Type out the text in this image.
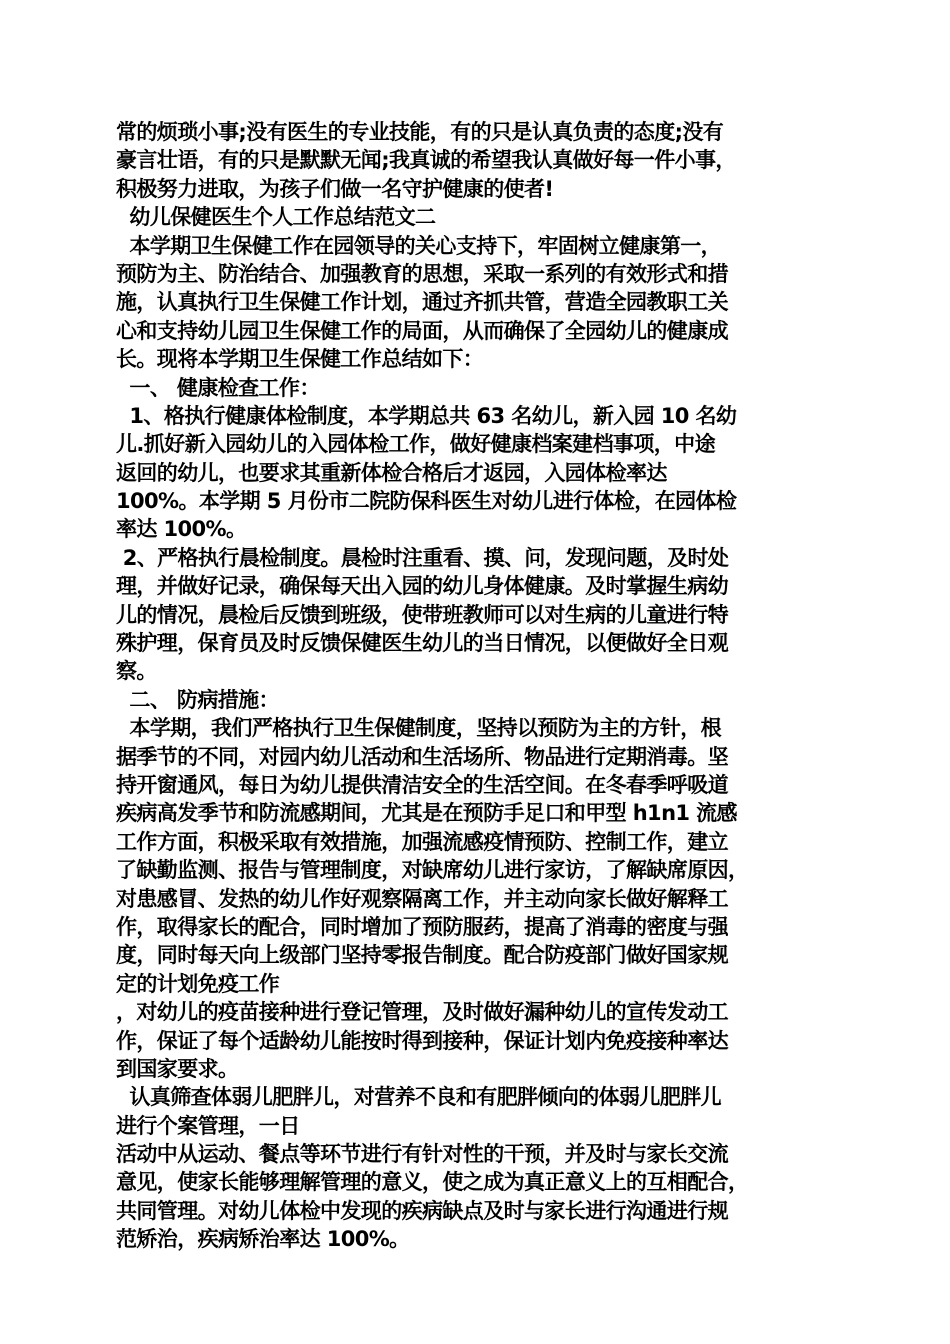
常的烦琐小事;没有医生的专业技能，有的只是认真负责的态度;没有
豪言壮语，有的只是默默无闻;我真诚的希望我认真做好每一件小事，
积极努力进取，为孩子们做一名守护健康的使者!
幼儿保健医生个人工作总结范文二
本学期卫生保健工作在园领导的关心支持下，牢固树立健康第一，
预防为主、防治结合、加强教育的思想，采取一系列的有效形式和措
施，认真执行卫生保健工作计划，通过齐抓共管，营造全园教职工关
心和支持幼儿园卫生保健工作的局面，从而确保了全园幼儿的健康成
长。现将本学期卫生保健工作总结如下：
一、 健康检查工作：
1、格执行健康体检制度，本学期总共 63 名幼儿，新入园 10 名幼
儿.抓好新入园幼儿的入园体检工作，做好健康档案建档事项，中途
返回的幼儿，也要求其重新体检合格后才返园，入园体检率达
100%。本学期 5 月份市二院防保科医生对幼儿进行体检，在园体检
率达 100%。
2、严格执行晨检制度。晨检时注重看、摸、问，发现问题，及时处
理，并做好记录，确保每天出入园的幼儿身体健康。及时掌握生病幼
儿的情况，晨检后反馈到班级，使带班教师可以对生病的儿童进行特
殊护理，保育员及时反馈保健医生幼儿的当日情况，以便做好全日观
察。
二、 防病措施：
本学期，我们严格执行卫生保健制度，坚持以预防为主的方针，根
据季节的不同，对园内幼儿活动和生活场所、物品进行定期消毒。坚
持开窗通风，每日为幼儿提供清洁安全的生活空间。在冬春季呼吸道
疾病高发季节和防流感期间，尤其是在预防手足口和甲型 h1n1 流感
工作方面，积极采取有效措施，加强流感疫情预防、控制工作，建立
了缺勤监测、报告与管理制度，对缺席幼儿进行家访，了解缺席原因，
对患感冒、发热的幼儿作好观察隔离工作，并主动向家长做好解释工
作，取得家长的配合，同时增加了预防服药，提高了消毒的密度与强
度，同时每天向上级部门坚持零报告制度。配合防疫部门做好国家规
定的计划免疫工作
，对幼儿的疫苗接种进行登记管理，及时做好漏种幼儿的宣传发动工
作，保证了每个适龄幼儿能按时得到接种，保证计划内免疫接种率达
到国家要求。
认真筛查体弱儿肥胖儿，对营养不良和有肥胖倾向的体弱儿肥胖儿
进行个案管理，一日
活动中从运动、餐点等环节进行有针对性的干预，并及时与家长交流
意见，使家长能够理解管理的意义，使之成为真正意义上的互相配合，
共同管理。对幼儿体检中发现的疾病缺点及时与家长进行沟通进行规
范矫治，疾病矫治率达 100%。
